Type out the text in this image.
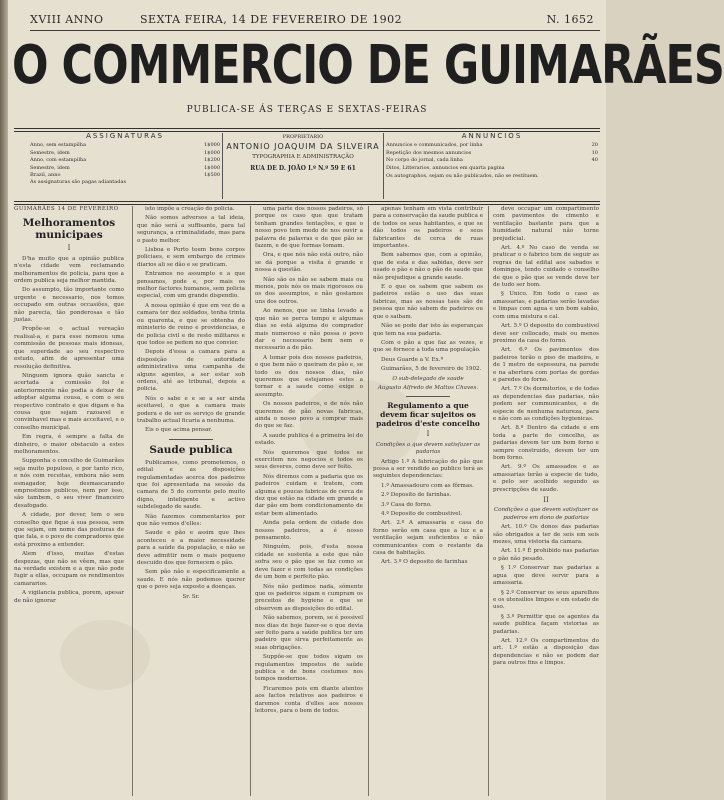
XVIII ANNO	SEXTA FEIRA, 14 DE FEVEREIRO DE 1902	N. 1652
O COMMERCIO DE GUIMARÃES
PUBLICA-SE ÁS TERÇAS E SEXTAS-FEIRAS
ASSIGNATURAS
Anno, sem estampilha	1$000
Semestre, idem	1$000
Anno, com estampilha	1$200
Semestre, idem	1$000
Brazil, anno	1$500
As assignaturas são pagas adiantadas
PROPRIETARIO
ANTONIO JOAQUIM DA SILVEIRA
TYPOGRAPHIA E ADMINISTRAÇÃO
RUA DE D. JOÃO I.º N.º 59 E 61
ANNUNCIOS
Annuncios e communicados, por linha	20
Repetição dos mesmos annuncios	10
No corpo do jornal, cada linha	40
Ditos, Litterarios, annuncios em quarta pagina
Os autographos, sejam ou não publicados, não se restituem.
GUIMARÃES 14 DE FEVEREIRO
Melhoramentos municipaes
I

D'ha muito que a opinião publica n'esta cidade vem reclamando melhoramentos de policia, para que a ordem publica seja melhor mantida.

Do assumpto, tão importante como urgente e necessario, nos temos occupado em outras occasiões, que não parecia, tão ponderosas e tão justas.

Propõe-se o actual vereação realisal-a, e para esse nomeou uma commissão de pessoas mais idoneas, que superdade ao seu respectivo estudo, afim de apresentar uma resolução definitiva.

Ninguem ignora quão sancta e acertada a comissão foi e anteriormente não podia a deixar de adoptar alguma cousa, e com o seu respectivo contrato e que digam e ha cousa que sejam razoavel e convinhavel mas e mais acceitavel, e o conselho municipal.

Em regra, é sempre a falta de dinheiro, o maior obstaculo a estes melhoramentos.

Supponha o concelho de Guimarães seja muito populoso, e por tanto rico, e nós com receitas, embora não sem esmagador, hoje desmascarando emprestimos publicos, nem por isso, são tambem, o seu viver financeiro desafogado.

A cidade, por dever, tem o seu conselho que fique á sua pessoa, sem que sejam, em nome das posturas de que fala, e o povo de compradores que está proximo a entender.

Alem d'isso, muitas d'estas despezas, que não se vêem, mas que na verdade existem e a que não pode fugir a ellas, occupam os rendimentos camararios.

A vigilancia publica, porem, apesar de não ignorar

isto impõe a creação do policia.

Não somos adversos a tal ideia, que não será a suffisante, para tal segurança, a criminalidade, mas para o pasto melhor.

Lisboa e Porto teem bons corpos policiaes, e sem embargo de crimes diarios ali se dão e se praticam.

Entramos no assumpto e a que pensamos, pode e, por mais os melhor factores humanos, sem policia especial, com um grande dispendio.

A nossa opinião é que em vez de a camara ter dez soldados, tenha trinta ou quarenta, e que se obtenha do ministerio de reino e providencias, e de policia civil e de resto militares e que todos se pedem no que convier.

Depois d'essa a camara para a disposição de autoridade administrativa uma campanha de alguns agentes, a ser estar sob ordens, até ao tribunal, depois a policia.

Nós o sabe e e se a ser ainda aceitavel, o que a camara mais podera e de ser os serviço de grande trabalho actual ficaria a nenhuma.

Eis o que acima pensar.

Saude publica

Publicamos, como prometemos, o edital e as disposições regulamentadas acerca dos padeiros que foi apresentada na sessão da camara de 5 do corrente pelo muito digno, inteligente e activo subdelegado de saude.

Não fazemos commentarios por que não vemos d'elles:

Saude e pão e assim que lhes aconteceu e a maior necessidade para a saúde da população, e não se deve admittir nem o mais pequeno descuido dos que fornecem o pão.

Sem pão não e especificamente a saude. E nós não podemos querer que o povo seja exposto a doenças.

Sr. Sr.

uma parte dos nossos padeiros, só porque os caso que que tratam tenham grandes tentações, e que o nosso povo tem medo de nos ouvir a palavra de palavras e de que pão se fazem, e de que formas tomam.

Ora, e que nós não está outro, não se dá porque a visita é grande e nossa a questão.

Não são os não se sabem mais ou menos, pois nós os mais rigorosos ou os dos assumptos, e não gostamos uns dos outros.

Ao menos, que se tinha levado a que não se perca tempo e algumas dias se está alguma do comprador mais numeroso e não possa o povo dar o necessario bem nem o necessario a de pão.

A tomar pois dos nossos padeiros, e que bem não o queiram de pão e, se todo os dos nossos dias, não queremos que estejamos estes a tornar e a saude como exige o assumpto.

Os nossos padeiros, e de nós não queremos de pão novas fabricas, ainda o nosso povo a comprar mais do que se faz.

A saude publica é a primeira lei do estado.

Nós queremos que todos se exercitem nos negocios e todos os seus deveres, como deve ser feito.

Nós diremos com a padaria que os padeiros cuidam e tratem, com alguma e poucas fabricas de cerca de dez que estão na cidade em grande a dar pão em bom condicionamento de estar bem alimentado.

Ainda pela ordem de cidade dos nossos padeiros, a é nosso pensamento.

Ninguém, pois, d'esta nossa cidade se sustenta a este que não sofra seu o pão que se faz como se deve fazer e com todas as condições de um bom e perfeito pão.

Nós não pedimos nada, sómente que os padeiros sigam e cumpram os preceitos de hygiene e que se observem as disposições do edital.

Não sabemos, porem, se é possivel nos dias de hoje fazer-se o que devia ser feito para a saúde publica ter um padeiro que sirva perfeitamente as suas obrigações.

Suppõe-se que todos sigam os regulamentos impostos de saúde publica e de bons costumes nos tempos modernos.

Ficaremos pois em diante atentos aos factos relativos aos padeiros e daremos conta d'elles aos nossos leitores, para o bem de todos.

apenas tenham em vista contribuir para a conservação da saude publica e de todos os seus habitantes, e que se dão todos os padeiros e seus fabricantes de cerca de ruas importantes.

Bem sabemos que, com a opinião, que de esta e das sabidas, deve ser usado o pão e não o pão de saude que não prejudique a grande saude.

E o que os sabem que sabem os padeiros estão o uso das suas fabricas, mas as nossas taes são de pessoa que não sabem de padeiros ou que o saibam.

Não se pode dar isto ás esperanças que tem na sua padaria.

Com o pão a que faz as vezes, e que se fornece a toda uma população.

Deus Guarde a V. Ex.ª

Guimarães, 5 de fevereiro de 1902.

O sub-delegado de saude

Augusto Alfredo de Mattos Chaves.

Regulamento a que devem ficar sujeitos os padeiros d'este concelho
I

Condições a que devem satisfazer as padarias

Artigo 1.º A fabricação do pão que possa a ser vendido ao publico terá as seguintes dependencias:

1.º Amassadouro com as fôrmas.

2.º Deposito de farinhas.

3.º Casa do forno.

4.º Deposito de combustivel.

Art. 2.º A amassaria e casa do forno serão em casa que a luz e a ventilação sejam suficientes e não communicantes com o restante da casa de habitação.

Art. 3.º O deposito de farinhas

deve occupar um compartimento com pavimentos de cimento e ventilação bastante para que a humidade natural não torne prejudicial.

Art. 4.º No caso de venda se praticar o o fabrico tem de seguir as regras de tal edital aos sabados e domingos, tendo cuidado o conselho de que o pão que se vende deve ter de tudo ser bom.

§ Unico. Em todo o caso as amassarias, e padarias serão lavadas e limpas com agua e um bom sabão, com uma mistura e cal.

Art. 5.º O deposito do combustivel deve ser collocado, mais ou menos proximo da casa do forno.

Art. 6.º Os pavimentos dos padeiros terão o piso de madeira, e de 1 metro de espessura, na parede e na abertura com portas de gordas e paredes do forno.

Art. 7.º Os dormitorios, e de todas as dependencias das padarias, não podem ser communicantes, e de especie de nenhuma natureza, para e não com as condições hygienicas.

Art. 8.º Dentro da cidade e em toda a parte do concelho, as padarias devem ter um bom forno e sempre construido, devem ter um bom forno.

Art. 9.º Os amassados e as amassarias terão a especie de tudo, e pelo ser acolhido segundo as prescripções de saude.

II

Condições a que devem satisfazer os padeiros em dono de padarias

Art. 10.º Os donos das padarias são obrigados a ter de seis em seis mezes, uma vistoria da camara.

Art. 11.º É prohibido nas padarias o pão não pesado.

§ 1.º Conservar nas padarias a agua que deve servir para a amassaria.

§ 2.º Conservar os seus aparelhos e os utensilios limpos e em estado de uso.

§ 3.º Permittir que os agentes da saude publica façam vistorias as padarias.

Art. 12.º Os compartimentos do art. 1.º estão a disposição das dependencias e não se podem dar para outros fins e limpos.
